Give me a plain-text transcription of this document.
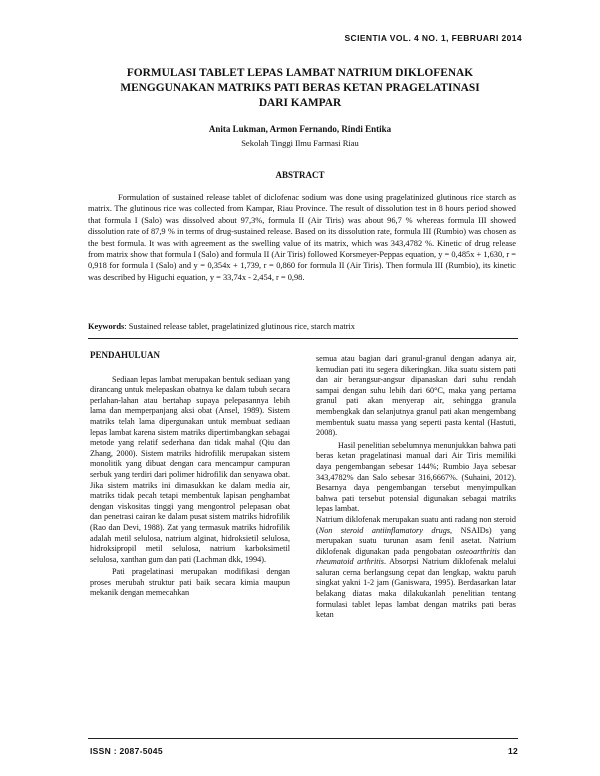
SCIENTIA VOL. 4 NO. 1, FEBRUARI 2014
FORMULASI TABLET LEPAS LAMBAT NATRIUM DIKLOFENAK
MENGGUNAKAN MATRIKS PATI BERAS KETAN PRAGELATINASI
DARI KAMPAR
Anita Lukman, Armon Fernando, Rindi Entika
Sekolah Tinggi Ilmu Farmasi Riau
ABSTRACT

Formulation of sustained release tablet of diclofenac sodium was done using pragelatinized glutinous rice starch as matrix. The glutinous rice was collected from Kampar, Riau Province. The result of dissolution test in 8 hours period showed that formula I (Salo) was dissolved about 97,3%, formula II (Air Tiris) was about 96,7 % whereas formula III showed dissolution rate of 87,9 % in terms of drug-sustained release. Based on its dissolution rate, formula III (Rumbio) was chosen as the best formula. It was with agreement as the swelling value of its matrix, which was 343,4782 %. Kinetic of drug release from matrix show that formula I (Salo) and formula II (Air Tiris) followed Korsmeyer-Peppas equation, y = 0,485x + 1,630, r = 0,918 for formula I (Salo) and y = 0,354x + 1,739, r = 0,860 for formula II (Air Tiris). Then formula III (Rumbio), its kinetic was described by Higuchi equation, y = 33,74x - 2,454, r = 0,98.

Keywords: Sustained release tablet, pragelatinized glutinous rice, starch matrix
PENDAHULUAN

Sediaan lepas lambat merupakan bentuk sediaan yang dirancang untuk melepaskan obatnya ke dalam tubuh secara perlahan-lahan atau bertahap supaya pelepasannya lebih lama dan memperpanjang aksi obat (Ansel, 1989). Sistem matriks telah lama dipergunakan untuk membuat sediaan lepas lambat karena sistem matriks dipertimbangkan sebagai metode yang relatif sederhana dan tidak mahal (Qiu dan Zhang, 2000). Sistem matriks hidrofilik merupakan sistem monolitik yang dibuat dengan cara mencampur campuran serbuk yang terdiri dari polimer hidrofilik dan senyawa obat. Jika sistem matriks ini dimasukkan ke dalam media air, matriks tidak pecah tetapi membentuk lapisan penghambat dengan viskositas tinggi yang mengontrol pelepasan obat dan penetrasi cairan ke dalam pusat sistem matriks hidrofilik (Rao dan Devi, 1988). Zat yang termasuk matriks hidrofilik adalah metil selulosa, natrium alginat, hidroksietil selulosa, hidroksipropil metil selulosa, natrium karboksimetil selulosa, xanthan gum dan pati (Lachman dkk, 1994).

Pati pragelatinasi merupakan modifikasi dengan proses merubah struktur pati baik secara kimia maupun mekanik dengan memecahkan

semua atau bagian dari granul-granul dengan adanya air, kemudian pati itu segera dikeringkan. Jika suatu sistem pati dan air berangsur-angsur dipanaskan dari suhu rendah sampai dengan suhu lebih dari 60°C, maka yang pertama granul pati akan menyerap air, sehingga granula membengkak dan selanjutnya granul pati akan mengembang membentuk suatu massa yang seperti pasta kental (Hastuti, 2008).

Hasil penelitian sebelumnya menunjukkan bahwa pati beras ketan pragelatinasi manual dari Air Tiris memiliki daya pengembangan sebesar 144%; Rumbio Jaya sebesar 343,4782% dan Salo sebesar 316,6667%. (Suhaini, 2012). Besarnya daya pengembangan tersebut menyimpulkan bahwa pati tersebut potensial digunakan sebagai matriks lepas lambat.

Natrium diklofenak merupakan suatu anti radang non steroid (Non steroid antiinflamatory drugs, NSAIDs) yang merupakan suatu turunan asam fenil asetat. Natrium diklofenak digunakan pada pengobatan osteoarthritis dan rheumatoid arthritis. Absorpsi Natrium diklofenak melalui saluran cerna berlangsung cepat dan lengkap, waktu paruh singkat yakni 1-2 jam (Ganiswara, 1995). Berdasarkan latar belakang diatas maka dilakukanlah penelitian tentang formulasi tablet lepas lambat dengan matriks pati beras ketan

ISSN : 2087-5045	12
